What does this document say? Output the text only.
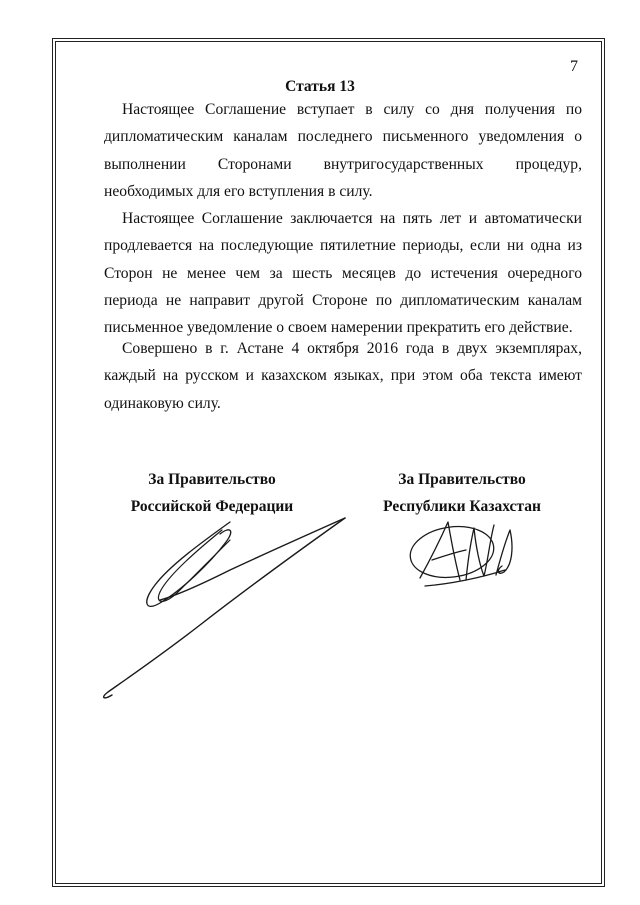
7
Статья 13

Настоящее Соглашение вступает в силу со дня получения по дипломатическим каналам последнего письменного уведомления о выполнении Сторонами внутригосударственных процедур, необходимых для его вступления в силу.

Настоящее Соглашение заключается на пять лет и автоматически продлевается на последующие пятилетние периоды, если ни одна из Сторон не менее чем за шесть месяцев до истечения очередного периода не направит другой Стороне по дипломатическим каналам письменное уведомление о своем намерении прекратить его действие.

Совершено в г. Астане 4 октября 2016 года в двух экземплярах, каждый на русском и казахском языках, при этом оба текста имеют одинаковую силу.

За Правительство
Российской Федерации
За Правительство
Республики Казахстан
